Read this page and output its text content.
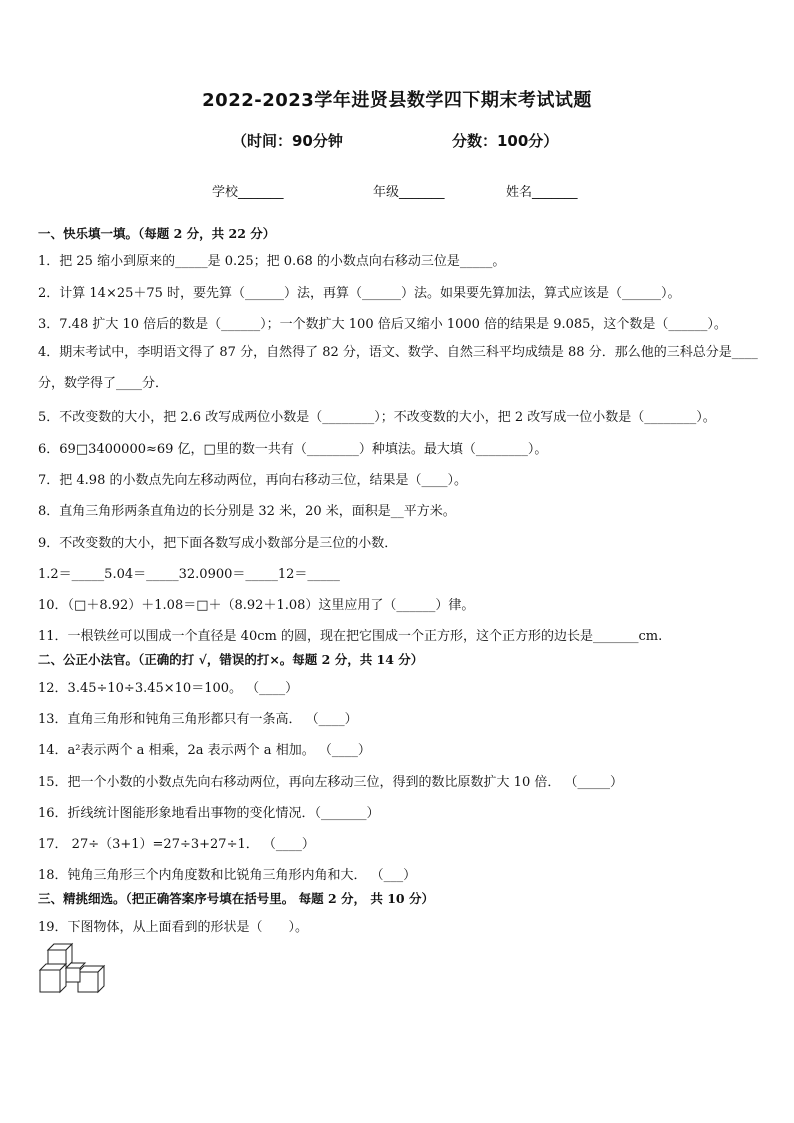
2022-2023学年进贤县数学四下期末考试试题
（时间：90分钟	分数：100分）
学校_______	年级_______	姓名_______
一、快乐填一填。（每题 2 分，共 22 分）
1．把 25 缩小到原来的_____是 0.25；把 0.68 的小数点向右移动三位是_____。
2．计算 14×25＋75 时，要先算（______）法，再算（______）法。如果要先算加法，算式应该是（______）。
3．7.48 扩大 10 倍后的数是（______）；一个数扩大 100 倍后又缩小 1000 倍的结果是 9.085，这个数是（______）。
4．期末考试中，李明语文得了 87 分，自然得了 82 分，语文、数学、自然三科平均成绩是 88 分．那么他的三科总分是____分，数学得了____分．
5．不改变数的大小，把 2.6 改写成两位小数是（________）；不改变数的大小，把 2 改写成一位小数是（________）。
6．69□3400000≈69 亿，□里的数一共有（________）种填法。最大填（________）。
7．把 4.98 的小数点先向左移动两位，再向右移动三位，结果是（____）。
8．直角三角形两条直角边的长分别是 32 米，20 米，面积是__平方米。
9．不改变数的大小，把下面各数写成小数部分是三位的小数．
1.2＝_____5.04＝_____32.0900＝_____12＝_____
10．（□＋8.92）＋1.08＝□＋（8.92＋1.08）这里应用了（______）律。
11．一根铁丝可以围成一个直径是 40cm 的圆，现在把它围成一个正方形，这个正方形的边长是_______cm.
二、公正小法官。（正确的打 √，错误的打×。每题 2 分，共 14 分）
12．3.45÷10÷3.45×10＝100。 （____）
13．直角三角形和钝角三角形都只有一条高． （____）
14．a²表示两个 a 相乘，2a 表示两个 a 相加。 （____）
15．把一个小数的小数点先向右移动两位，再向左移动三位，得到的数比原数扩大 10 倍． （_____）
16．折线统计图能形象地看出事物的变化情况．（_______）
17． 27÷（3+1）=27÷3+27÷1． （____）
18．钝角三角形三个内角度数和比锐角三角形内角和大． （___）
三、精挑细选。（把正确答案序号填在括号里。 每题 2 分， 共 10 分）
19．下图物体，从上面看到的形状是（　　）。
